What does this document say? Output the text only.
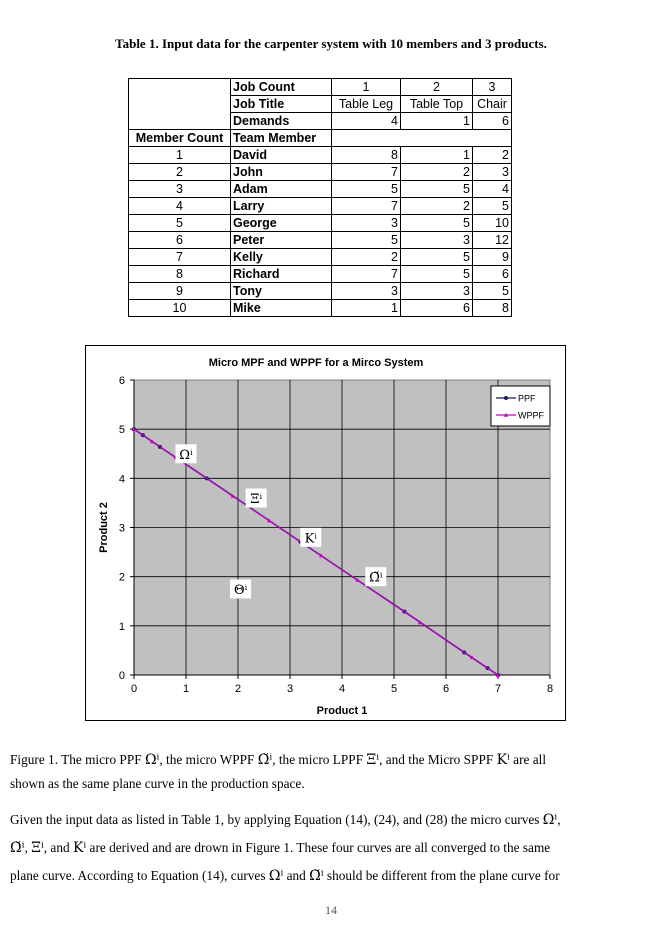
Table 1. Input data for the carpenter system with 10 members and 3 products.
	Job Count	1	2	3
	Job Title	Table Leg	Table Top	Chair
	Demands	4	1	6
Member Count	Team Member			
1	David	8	1	2
2	John	7	2	3
3	Adam	5	5	4
4	Larry	7	2	5
5	George	3	5	10
6	Peter	5	3	12
7	Kelly	2	5	9
8	Richard	7	5	6
9	Tony	3	3	5
10	Mike	1	6	8
0	1	2	3	4	5	6	7	8
0
1
2
3
4
5
6
Micro MPF and WPPF for a Mirco System
Product 1
Product 2
PPF
WPPF
Ωⁱ
Ξⁱ
Kⁱ
Ω̆ⁱ
Θⁱ
Figure 1. The micro PPF Ωⁱ, the micro WPPF Ω̆ⁱ, the micro LPPF Ξⁱ, and the Micro SPPF Kⁱ are all
shown as the same plane curve in the production space.
Given the input data as listed in Table 1, by applying Equation (14), (24), and (28) the micro curves Ωⁱ,
Ω̆ⁱ, Ξⁱ, and Kⁱ are derived and are drown in Figure 1. These four curves are all converged to the same
plane curve. According to Equation (14), curves Ωⁱ and Ω̆ⁱ should be different from the plane curve for
14
